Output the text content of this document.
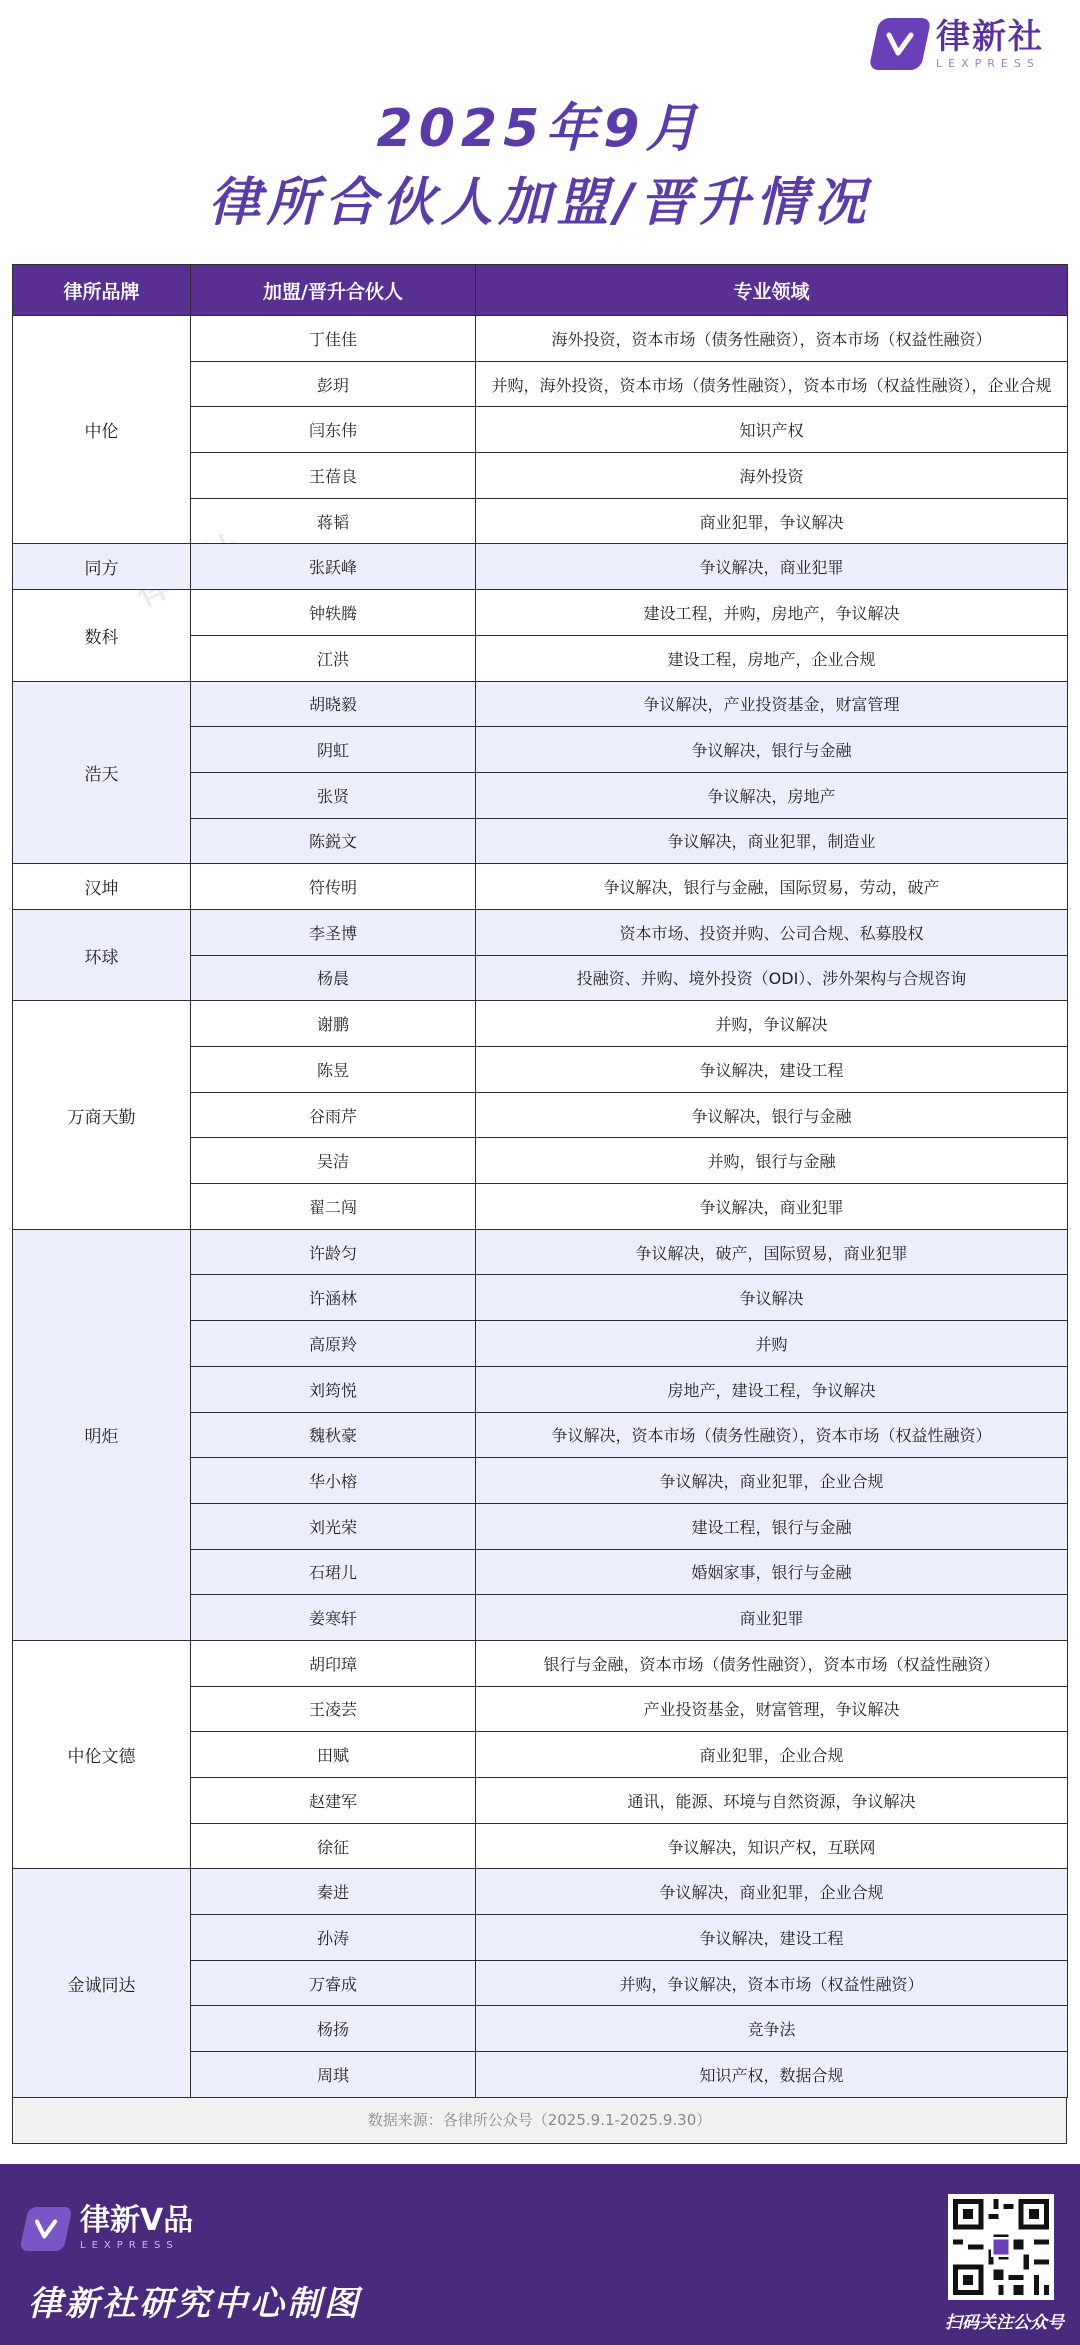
律新社
LEXPRESS
2025年9月
律所合伙人加盟/晋升情况
律所品牌	加盟/晋升合伙人	专业领域
中伦	丁佳佳	海外投资，资本市场（债务性融资），资本市场（权益性融资）
	彭玥	并购，海外投资，资本市场（债务性融资），资本市场（权益性融资），企业合规
	闫东伟	知识产权
	王蓓良	海外投资
	蒋韬	商业犯罪，争议解决
同方	张跃峰	争议解决，商业犯罪
数科	钟轶腾	建设工程，并购，房地产，争议解决
	江洪	建设工程，房地产，企业合规
浩天	胡晓毅	争议解决，产业投资基金，财富管理
	阴虹	争议解决，银行与金融
	张贤	争议解决，房地产
	陈鋭文	争议解决，商业犯罪，制造业
汉坤	符传明	争议解决，银行与金融，国际贸易，劳动，破产
环球	李圣博	资本市场、投资并购、公司合规、私募股权
	杨晨	投融资、并购、境外投资（ODI）、涉外架构与合规咨询
万商天勤	谢鹏	并购，争议解决
	陈昱	争议解决，建设工程
	谷雨芹	争议解决，银行与金融
	吴洁	并购，银行与金融
	翟二闯	争议解决，商业犯罪
明炬	许龄匀	争议解决，破产，国际贸易，商业犯罪
	许涵林	争议解决
	高原羚	并购
	刘筠悦	房地产，建设工程，争议解决
	魏秋豪	争议解决，资本市场（债务性融资），资本市场（权益性融资）
	华小榕	争议解决，商业犯罪，企业合规
	刘光荣	建设工程，银行与金融
	石珺儿	婚姻家事，银行与金融
	姜寒轩	商业犯罪
中伦文德	胡印璋	银行与金融，资本市场（债务性融资），资本市场（权益性融资）
	王凌芸	产业投资基金，财富管理，争议解决
	田赋	商业犯罪，企业合规
	赵建军	通讯，能源、环境与自然资源，争议解决
	徐征	争议解决，知识产权，互联网
金诚同达	秦进	争议解决，商业犯罪，企业合规
	孙涛	争议解决，建设工程
	万睿成	并购，争议解决，资本市场（权益性融资）
	杨扬	竞争法
	周琪	知识产权，数据合规
数据来源：各律所公众号（2025.9.1-2025.9.30）
律新V品
LEXPRESS
律新社研究中心制图	扫码关注公众号
